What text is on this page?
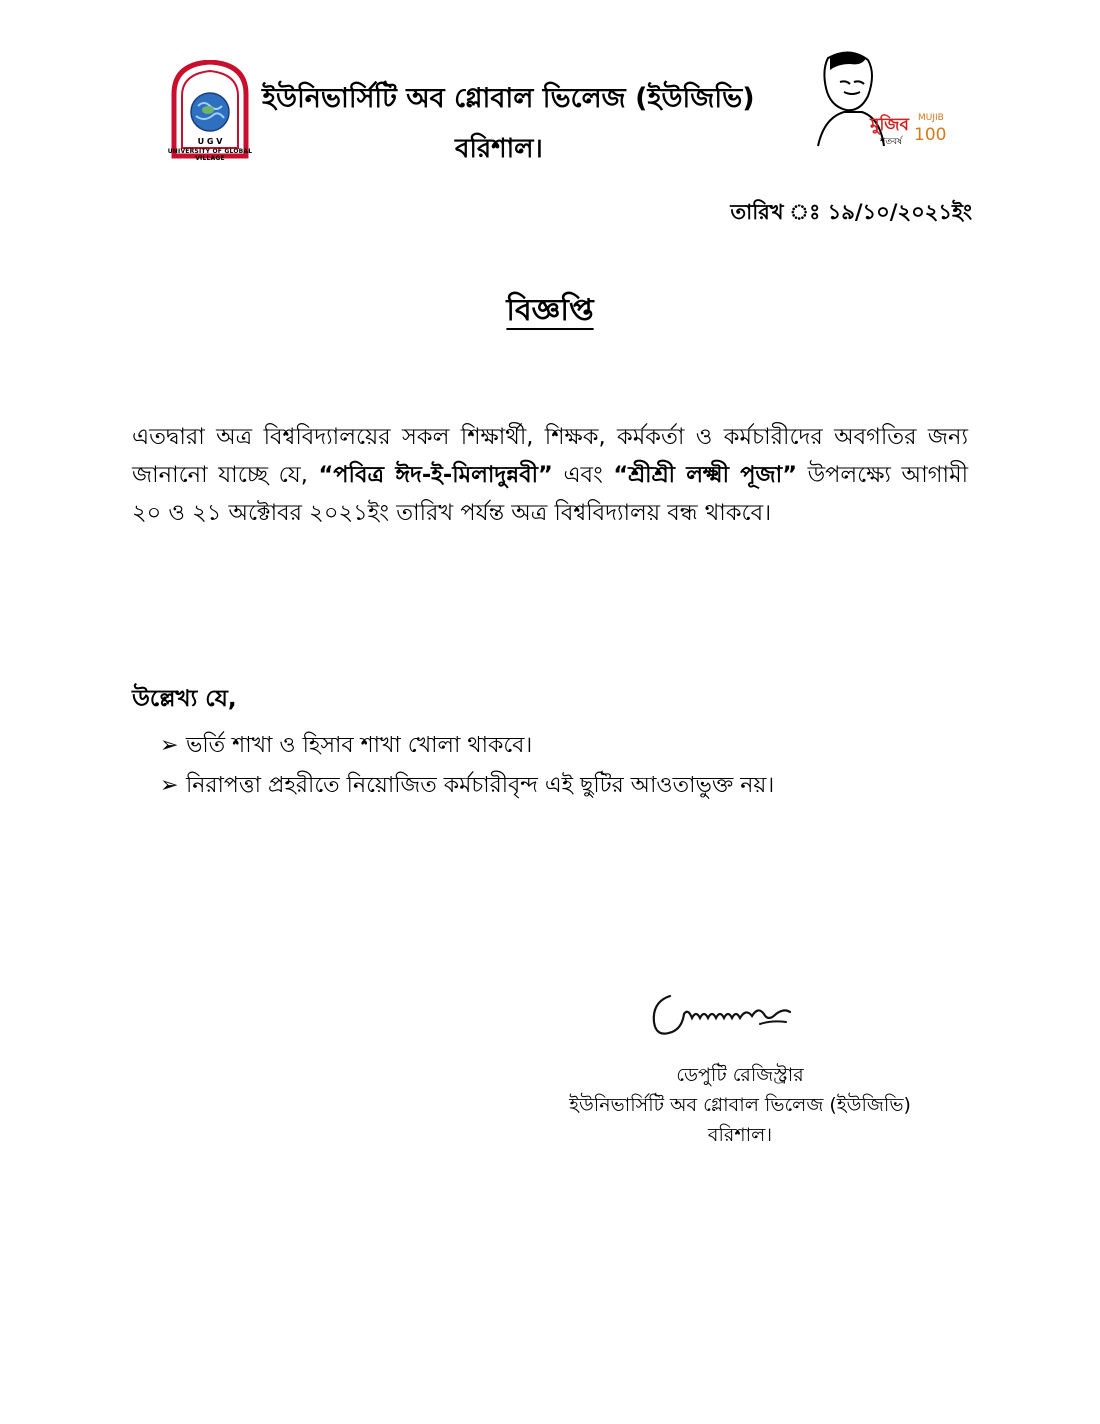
U G V
UNIVERSITY OF GLOBAL VILLAGE
ইউনিভার্সিটি অব গ্লোবাল ভিলেজ (ইউজিভি)
বরিশাল।
মুজিব MUJIB
100
শতবর্ষ
তারিখ ঃ ১৯/১০/২০২১ইং
বিজ্ঞপ্তি
এতদ্বারা অত্র বিশ্ববিদ্যালয়ের সকল শিক্ষার্থী, শিক্ষক, কর্মকর্তা ও কর্মচারীদের অবগতির জন্য জানানো যাচ্ছে যে, “পবিত্র ঈদ-ই-মিলাদুন্নবী” এবং “শ্রীশ্রী লক্ষ্মী পূজা” উপলক্ষ্যে আগামী ২০ ও ২১ অক্টোবর ২০২১ইং তারিখ পর্যন্ত অত্র বিশ্ববিদ্যালয় বন্ধ থাকবে।
উল্লেখ্য যে,
➢ ভর্তি শাখা ও হিসাব শাখা খোলা থাকবে।
➢ নিরাপত্তা প্রহরীতে নিয়োজিত কর্মচারীবৃন্দ এই ছুটির আওতাভুক্ত নয়।
ডেপুটি রেজিস্ট্রার
ইউনিভার্সিটি অব গ্লোবাল ভিলেজ (ইউজিভি)
বরিশাল।
